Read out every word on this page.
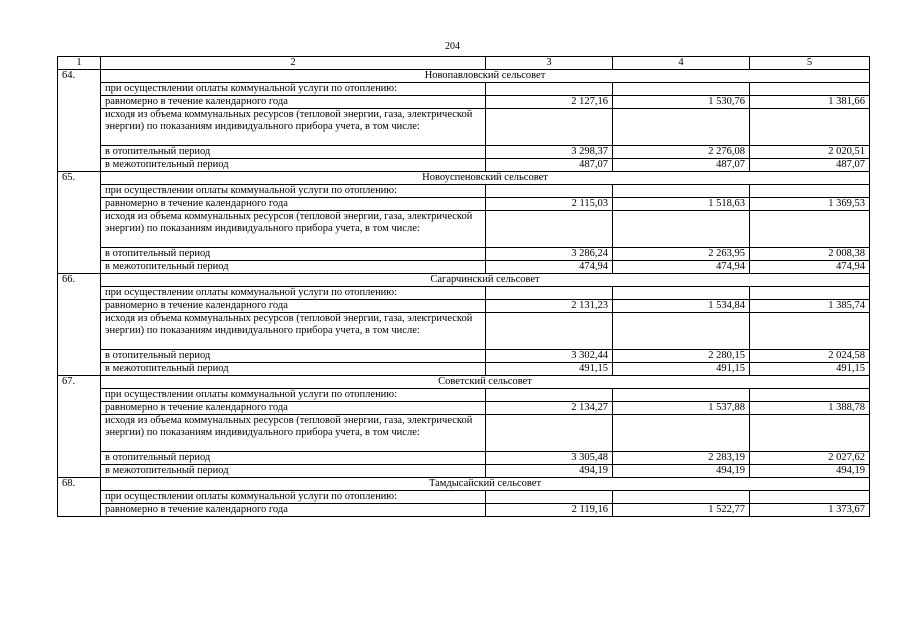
204
1	2	3	4	5
64.	Новопавловский сельсовет			
	при осуществлении оплаты коммунальной услуги по отоплению:			
	равномерно в течение календарного года	2 127,16	1 530,76	1 381,66
	исходя из объема коммунальных ресурсов (тепловой энергии, газа, электрической энергии) по показаниям индивидуального прибора учета, в том числе:			
	в отопительный период	3 298,37	2 276,08	2 020,51
	в межотопительный период	487,07	487,07	487,07
65.	Новоуспеновский сельсовет			
	при осуществлении оплаты коммунальной услуги по отоплению:			
	равномерно в течение календарного года	2 115,03	1 518,63	1 369,53
	исходя из объема коммунальных ресурсов (тепловой энергии, газа, электрической энергии) по показаниям индивидуального прибора учета, в том числе:			
	в отопительный период	3 286,24	2 263,95	2 008,38
	в межотопительный период	474,94	474,94	474,94
66.	Сагарчинский сельсовет			
	при осуществлении оплаты коммунальной услуги по отоплению:			
	равномерно в течение календарного года	2 131,23	1 534,84	1 385,74
	исходя из объема коммунальных ресурсов (тепловой энергии, газа, электрической энергии) по показаниям индивидуального прибора учета, в том числе:			
	в отопительный период	3 302,44	2 280,15	2 024,58
	в межотопительный период	491,15	491,15	491,15
67.	Советский сельсовет			
	при осуществлении оплаты коммунальной услуги по отоплению:			
	равномерно в течение календарного года	2 134,27	1 537,88	1 388,78
	исходя из объема коммунальных ресурсов (тепловой энергии, газа, электрической энергии) по показаниям индивидуального прибора учета, в том числе:			
	в отопительный период	3 305,48	2 283,19	2 027,62
	в межотопительный период	494,19	494,19	494,19
68.	Тамдысайский сельсовет			
	при осуществлении оплаты коммунальной услуги по отоплению:			
	равномерно в течение календарного года	2 119,16	1 522,77	1 373,67
